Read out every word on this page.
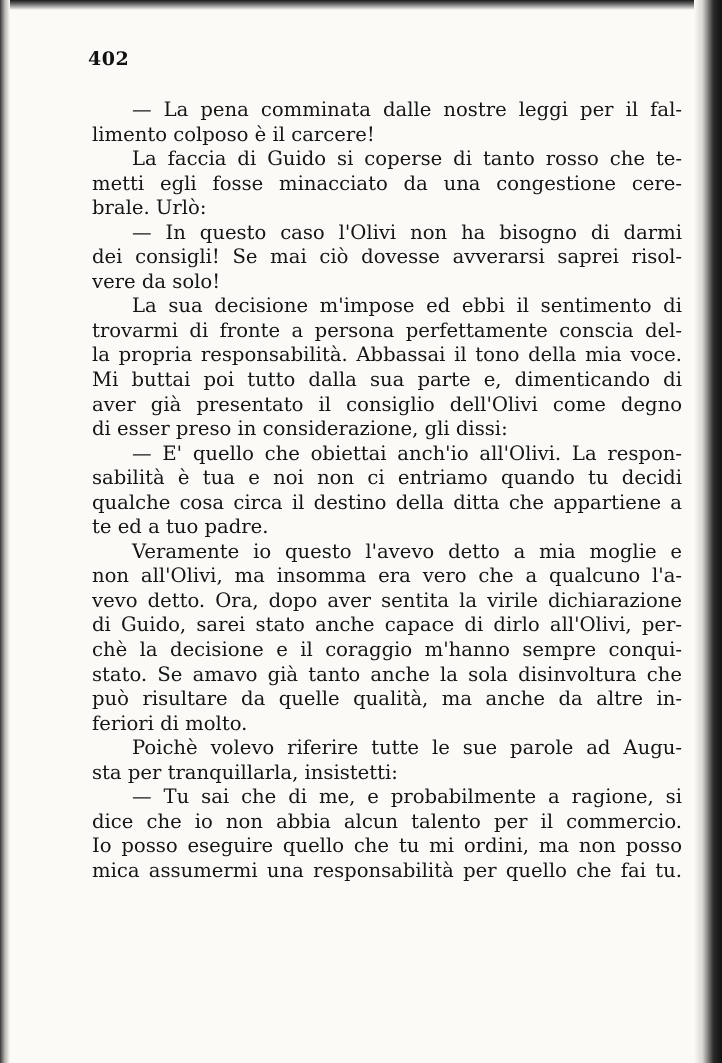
402
— La pena comminata dalle nostre leggi per il fal-
limento colposo è il carcere!
La faccia di Guido si coperse di tanto rosso che te-
metti egli fosse minacciato da una congestione cere-
brale. Urlò:
— In questo caso l'Olivi non ha bisogno di darmi
dei consigli! Se mai ciò dovesse avverarsi saprei risol-
vere da solo!
La sua decisione m'impose ed ebbi il sentimento di
trovarmi di fronte a persona perfettamente conscia del-
la propria responsabilità. Abbassai il tono della mia voce.
Mi buttai poi tutto dalla sua parte e, dimenticando di
aver già presentato il consiglio dell'Olivi come degno
di esser preso in considerazione, gli dissi:
— E' quello che obiettai anch'io all'Olivi. La respon-
sabilità è tua e noi non ci entriamo quando tu decidi
qualche cosa circa il destino della ditta che appartiene a
te ed a tuo padre.
Veramente io questo l'avevo detto a mia moglie e
non all'Olivi, ma insomma era vero che a qualcuno l'a-
vevo detto. Ora, dopo aver sentita la virile dichiarazione
di Guido, sarei stato anche capace di dirlo all'Olivi, per-
chè la decisione e il coraggio m'hanno sempre conqui-
stato. Se amavo già tanto anche la sola disinvoltura che
può risultare da quelle qualità, ma anche da altre in-
feriori di molto.
Poichè volevo riferire tutte le sue parole ad Augu-
sta per tranquillarla, insistetti:
— Tu sai che di me, e probabilmente a ragione, si
dice che io non abbia alcun talento per il commercio.
Io posso eseguire quello che tu mi ordini, ma non posso
mica assumermi una responsabilità per quello che fai tu.
